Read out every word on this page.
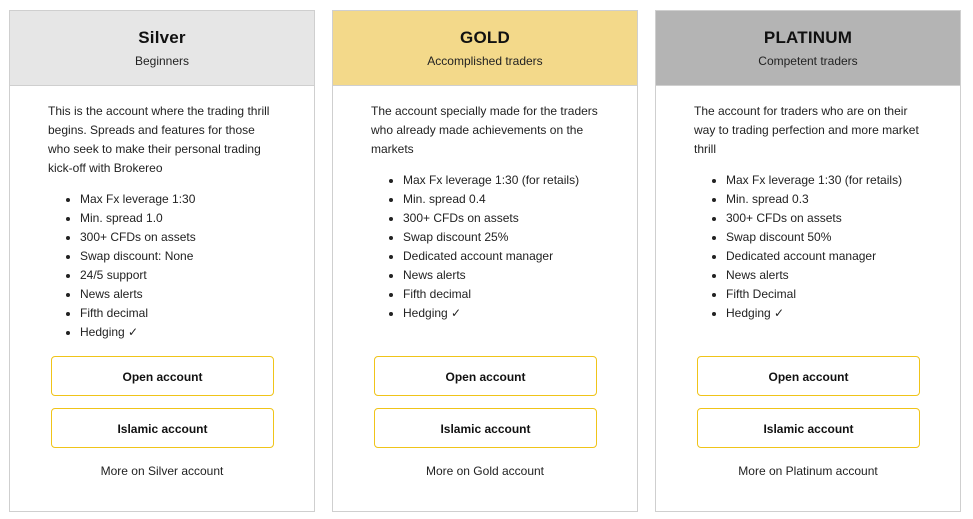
Silver
Beginners

This is the account where the trading thrill begins. Spreads and features for those who seek to make their personal trading kick-off with Brokereo

Max Fx leverage 1:30
Min. spread 1.0
300+ CFDs on assets
Swap discount: None
24/5 support
News alerts
Fifth decimal
Hedging ✓
Open account
Islamic account
More on Silver account
GOLD
Accomplished traders

The account specially made for the traders who already made achievements on the markets

Max Fx leverage 1:30 (for retails)
Min. spread 0.4
300+ CFDs on assets
Swap discount 25%
Dedicated account manager
News alerts
Fifth decimal
Hedging ✓
Open account
Islamic account
More on Gold account
PLATINUM
Competent traders

The account for traders who are on their way to trading perfection and more market thrill

Max Fx leverage 1:30 (for retails)
Min. spread 0.3
300+ CFDs on assets
Swap discount 50%
Dedicated account manager
News alerts
Fifth Decimal
Hedging ✓
Open account
Islamic account
More on Platinum account
